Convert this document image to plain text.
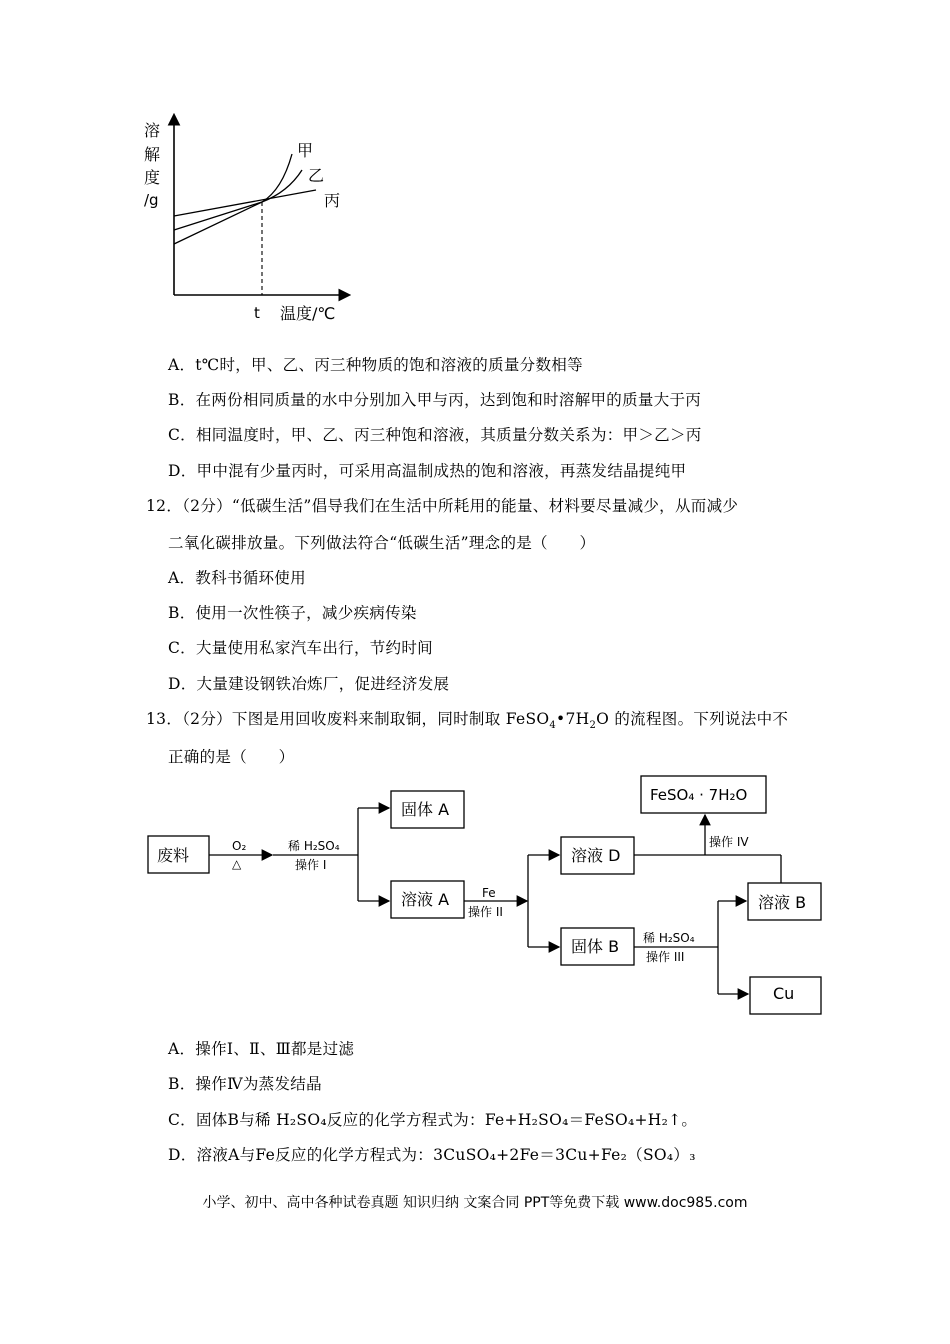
溶
解
度
/g
甲
乙
丙
t 温度/℃
A．t℃时，甲、乙、丙三种物质的饱和溶液的质量分数相等
B．在两份相同质量的水中分别加入甲与丙，达到饱和时溶解甲的质量大于丙
C．相同温度时，甲、乙、丙三种饱和溶液，其质量分数关系为：甲＞乙＞丙
D．甲中混有少量丙时，可采用高温制成热的饱和溶液，再蒸发结晶提纯甲
12．（2分）“低碳生活”倡导我们在生活中所耗用的能量、材料要尽量减少，从而减少
二氧化碳排放量。下列做法符合“低碳生活”理念的是（　　）
A．教科书循环使用
B．使用一次性筷子，减少疾病传染
C．大量使用私家汽车出行，节约时间
D．大量建设钢铁冶炼厂，促进经济发展
13．（2分）下图是用回收废料来制取铜，同时制取 $FeSO_4•7H_2O$ 的流程图。下列说法中不
正确的是（　　）
废料
固体 A
溶液 A
溶液 D
固体 B
FeSO₄ · 7H₂O
溶液 B
Cu
O₂
△
稀 H₂SO₄
操作 I
Fe
操作 II
稀 H₂SO₄
操作 III
操作 IV
A．操作Ⅰ、Ⅱ、Ⅲ都是过滤
B．操作Ⅳ为蒸发结晶
C．固体B与稀 H₂SO₄反应的化学方程式为：Fe+H₂SO₄＝FeSO₄+H₂↑。
D．溶液A与Fe反应的化学方程式为：3CuSO₄+2Fe＝3Cu+Fe₂（SO₄）₃
小学、初中、高中各种试卷真题 知识归纳 文案合同 PPT等免费下载 www.doc985.com
